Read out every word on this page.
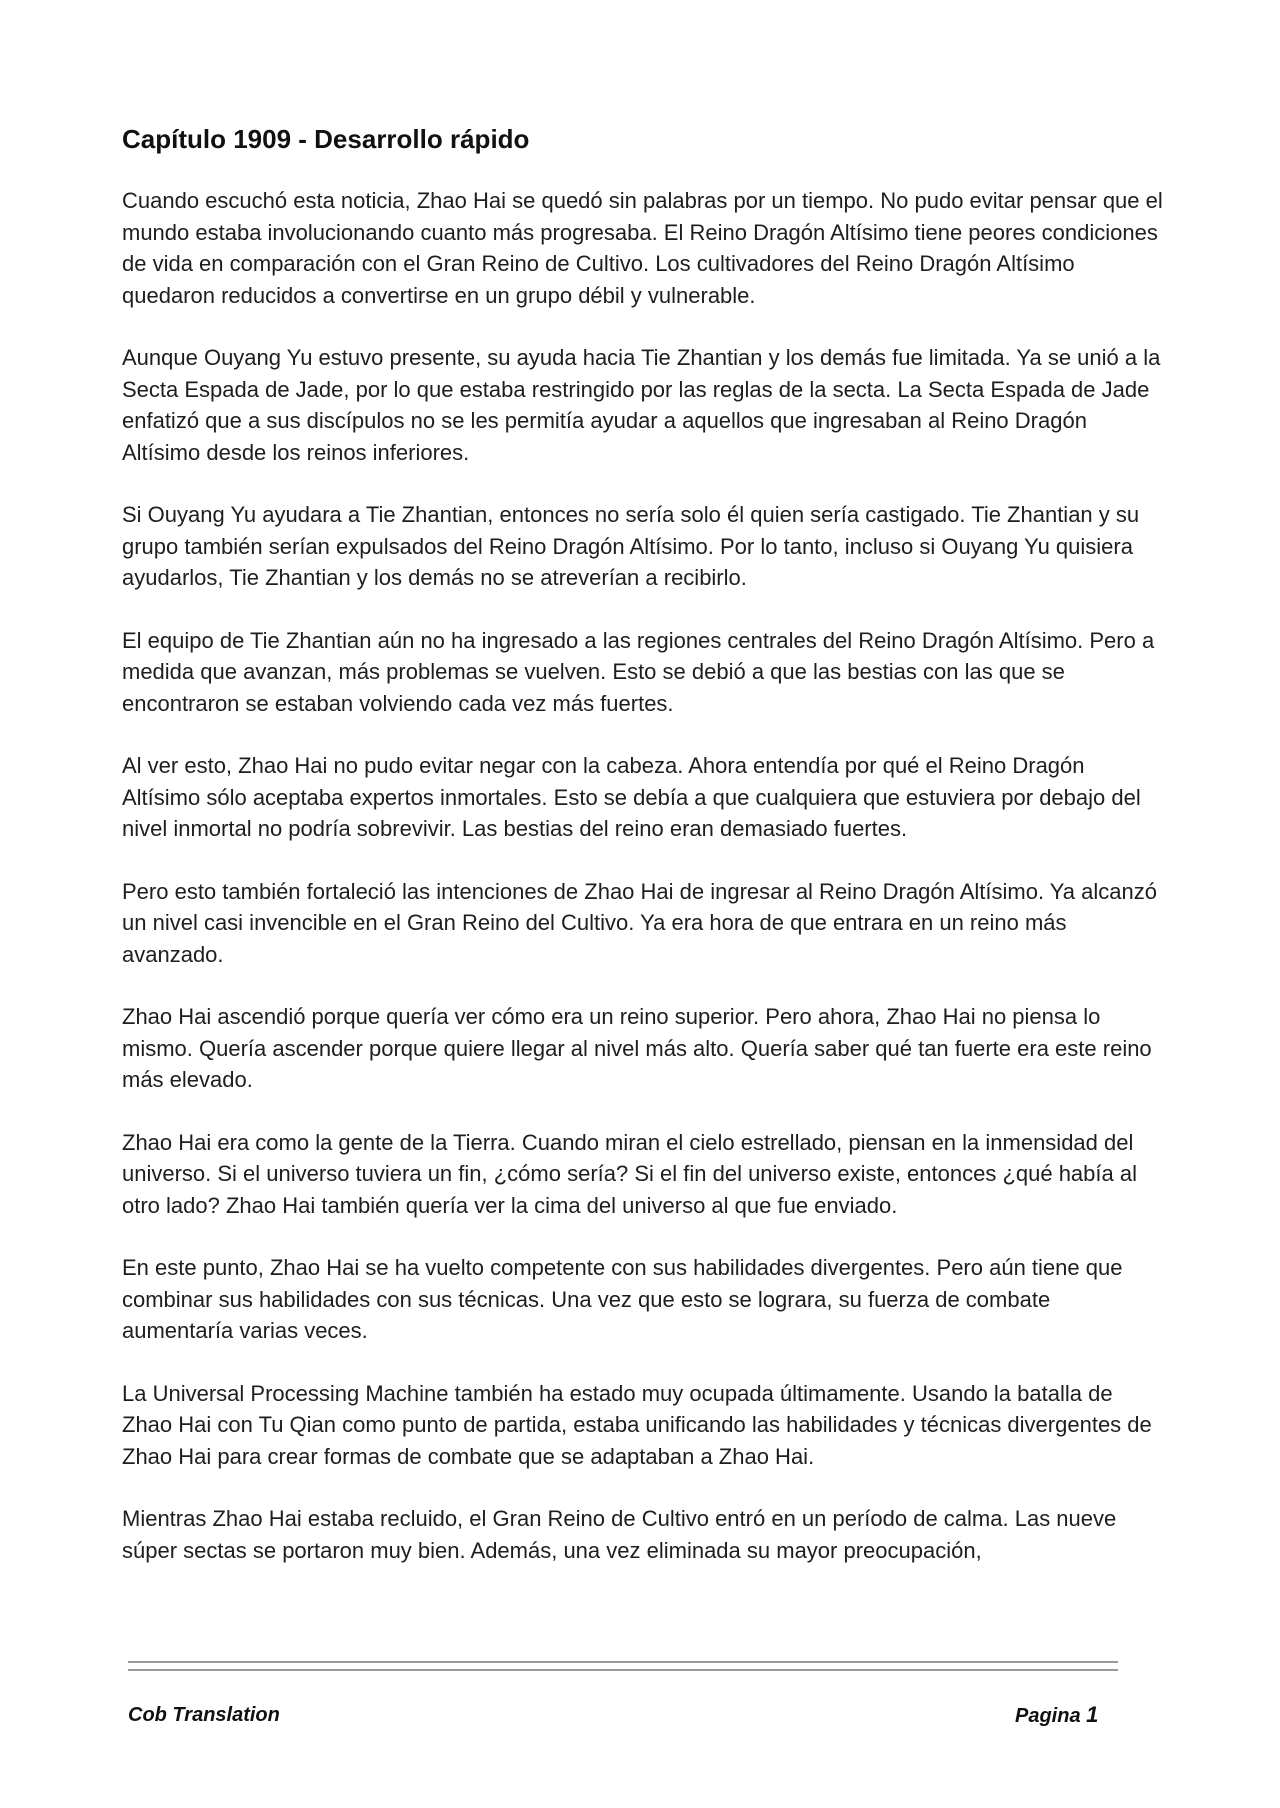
Capítulo 1909 - Desarrollo rápido

Cuando escuchó esta noticia, Zhao Hai se quedó sin palabras por un tiempo. No pudo evitar pensar que el mundo estaba involucionando cuanto más progresaba. El Reino Dragón Altísimo tiene peores condiciones de vida en comparación con el Gran Reino de Cultivo. Los cultivadores del Reino Dragón Altísimo quedaron reducidos a convertirse en un grupo débil y vulnerable.

Aunque Ouyang Yu estuvo presente, su ayuda hacia Tie Zhantian y los demás fue limitada. Ya se unió a la Secta Espada de Jade, por lo que estaba restringido por las reglas de la secta. La Secta Espada de Jade enfatizó que a sus discípulos no se les permitía ayudar a aquellos que ingresaban al Reino Dragón Altísimo desde los reinos inferiores.

Si Ouyang Yu ayudara a Tie Zhantian, entonces no sería solo él quien sería castigado. Tie Zhantian y su grupo también serían expulsados del Reino Dragón Altísimo. Por lo tanto, incluso si Ouyang Yu quisiera ayudarlos, Tie Zhantian y los demás no se atreverían a recibirlo.

El equipo de Tie Zhantian aún no ha ingresado a las regiones centrales del Reino Dragón Altísimo. Pero a medida que avanzan, más problemas se vuelven. Esto se debió a que las bestias con las que se encontraron se estaban volviendo cada vez más fuertes.

Al ver esto, Zhao Hai no pudo evitar negar con la cabeza. Ahora entendía por qué el Reino Dragón Altísimo sólo aceptaba expertos inmortales. Esto se debía a que cualquiera que estuviera por debajo del nivel inmortal no podría sobrevivir. Las bestias del reino eran demasiado fuertes.

Pero esto también fortaleció las intenciones de Zhao Hai de ingresar al Reino Dragón Altísimo. Ya alcanzó un nivel casi invencible en el Gran Reino del Cultivo. Ya era hora de que entrara en un reino más avanzado.

Zhao Hai ascendió porque quería ver cómo era un reino superior. Pero ahora, Zhao Hai no piensa lo mismo. Quería ascender porque quiere llegar al nivel más alto. Quería saber qué tan fuerte era este reino más elevado.

Zhao Hai era como la gente de la Tierra. Cuando miran el cielo estrellado, piensan en la inmensidad del universo. Si el universo tuviera un fin, ¿cómo sería? Si el fin del universo existe, entonces ¿qué había al otro lado? Zhao Hai también quería ver la cima del universo al que fue enviado.

En este punto, Zhao Hai se ha vuelto competente con sus habilidades divergentes. Pero aún tiene que combinar sus habilidades con sus técnicas. Una vez que esto se lograra, su fuerza de combate aumentaría varias veces.

La Universal Processing Machine también ha estado muy ocupada últimamente. Usando la batalla de Zhao Hai con Tu Qian como punto de partida, estaba unificando las habilidades y técnicas divergentes de Zhao Hai para crear formas de combate que se adaptaban a Zhao Hai.

Mientras Zhao Hai estaba recluido, el Gran Reino de Cultivo entró en un período de calma. Las nueve súper sectas se portaron muy bien. Además, una vez eliminada su mayor preocupación,

Cob Translation	Pagina 1
